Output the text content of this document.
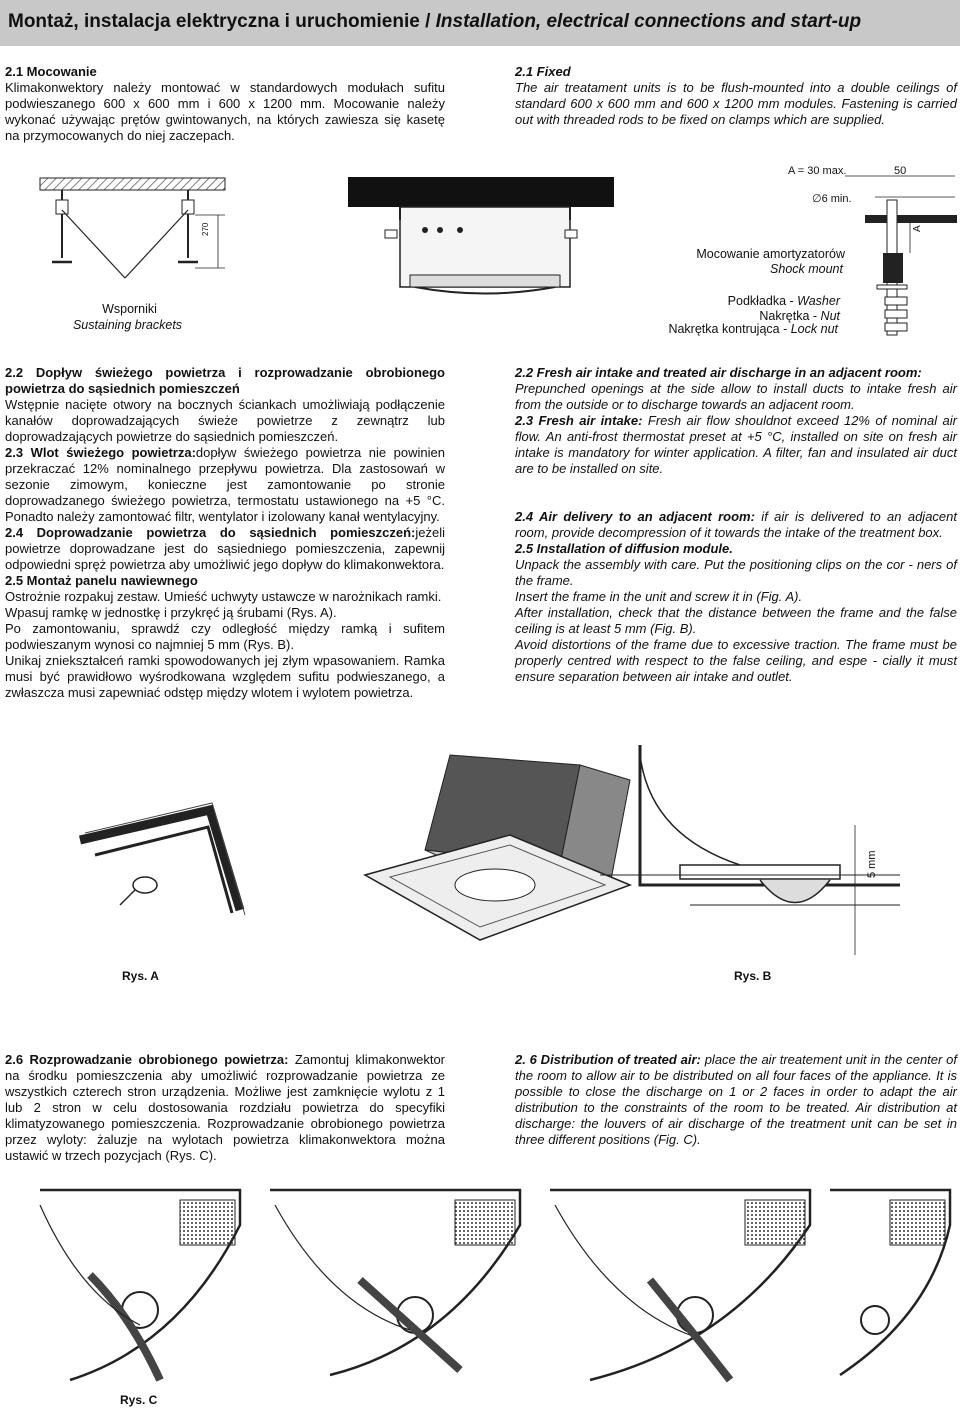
Montaż, instalacja elektryczna i uruchomienie / Installation, electrical connections and start-up
2.1 Mocowanie
Klimakonwektory należy montować w standardowych modułach sufitu podwieszanego 600 x 600 mm i 600 x 1200 mm. Mocowanie należy wykonać używając prętów gwintowanych, na których zawiesza się kasetę na przymocowanych do niej zaczepach.
2.1 Fixed
The air treatament units is to be flush-mounted into a double ceilings of standard 600 x 600 mm and 600 x 1200 mm modules. Fastening is carried out with threaded rods to be fixed on clamps which are supplied.
270
Wsporniki
Sustaining brackets
A = 30 max.	50
∅6 min.
A
Mocowanie amortyzatorów
Shock mount
Podkładka - Washer
Nakrętka - Nut
Nakrętka kontrująca - Lock nut
2.2 Dopływ świeżego powietrza i rozprowadzanie obrobionego powietrza do sąsiednich pomieszczeń
Wstępnie nacięte otwory na bocznych ściankach umożliwiają podłączenie kanałów doprowadzających świeże powietrze z zewnątrz lub doprowadzających powietrze do sąsiednich pomieszczeń.
2.3 Wlot świeżego powietrza:dopływ świeżego powietrza nie powinien przekraczać 12% nominalnego przepływu powietrza. Dla zastosowań w sezonie zimowym, konieczne jest zamontowanie po stronie doprowadzanego świeżego powietrza, termostatu ustawionego na +5 °C. Ponadto należy zamontować filtr, wentylator i izolowany kanał wentylacyjny.
2.4 Doprowadzanie powietrza do sąsiednich pomieszczeń:jeżeli powietrze doprowadzane jest do sąsiedniego pomieszczenia, zapewnij odpowiedni spręż powietrza aby umożliwić jego dopływ do klimakonwektora.
2.5 Montaż panelu nawiewnego
Ostrożnie rozpakuj zestaw. Umieść uchwyty ustawcze w narożnikach ramki.
Wpasuj ramkę w jednostkę i przykręć ją śrubami (Rys. A).
Po zamontowaniu, sprawdź czy odległość między ramką i sufitem podwieszanym wynosi co najmniej 5 mm (Rys. B).
Unikaj zniekształceń ramki spowodowanych jej złym wpasowaniem. Ramka musi być prawidłowo wyśrodkowana względem sufitu podwieszanego, a zwłaszcza musi zapewniać odstęp między wlotem i wylotem powietrza.
2.2 Fresh air intake and treated air discharge in an adjacent room:
Prepunched openings at the side allow to install ducts to intake fresh air from the outside or to discharge towards an adjacent room.
2.3 Fresh air intake: Fresh air flow shouldnot exceed 12% of nominal air flow. An anti-frost thermostat preset at +5 °C, installed on site on fresh air intake is mandatory for winter application. A filter, fan and insulated air duct are to be installed on site.
2.4 Air delivery to an adjacent room: if air is delivered to an adjacent room, provide decompression of it towards the intake of the treatment box.
2.5 Installation of diffusion module.
Unpack the assembly with care. Put the positioning clips on the cor - ners of the frame.
Insert the frame in the unit and screw it in (Fig. A).
After installation, check that the distance between the frame and the false ceiling is at least 5 mm (Fig. B).
Avoid distortions of the frame due to excessive traction. The frame must be properly centred with respect to the false ceiling, and espe - cially it must ensure separation between air intake and outlet.
5 mm
Rys. A	Rys. B
2.6 Rozprowadzanie obrobionego powietrza: Zamontuj klimakonwektor na środku pomieszczenia aby umożliwić rozprowadzanie powietrza ze wszystkich czterech stron urządzenia. Możliwe jest zamknięcie wylotu z 1 lub 2 stron w celu dostosowania rozdziału powietrza do specyfiki klimatyzowanego pomieszczenia. Rozprowadzanie obrobionego powietrza przez wyloty: żaluzje na wylotach powietrza klimakonwektora można ustawić w trzech pozycjach (Rys. C).
2. 6 Distribution of treated air: place the air treatement unit in the center of the room to allow air to be distributed on all four faces of the appliance. It is possible to close the discharge on 1 or 2 faces in order to adapt the air distribution to the constraints of the room to be treated. Air distribution at discharge: the louvers of air discharge of the treatment unit can be set in three different positions (Fig. C).
Rys. C
